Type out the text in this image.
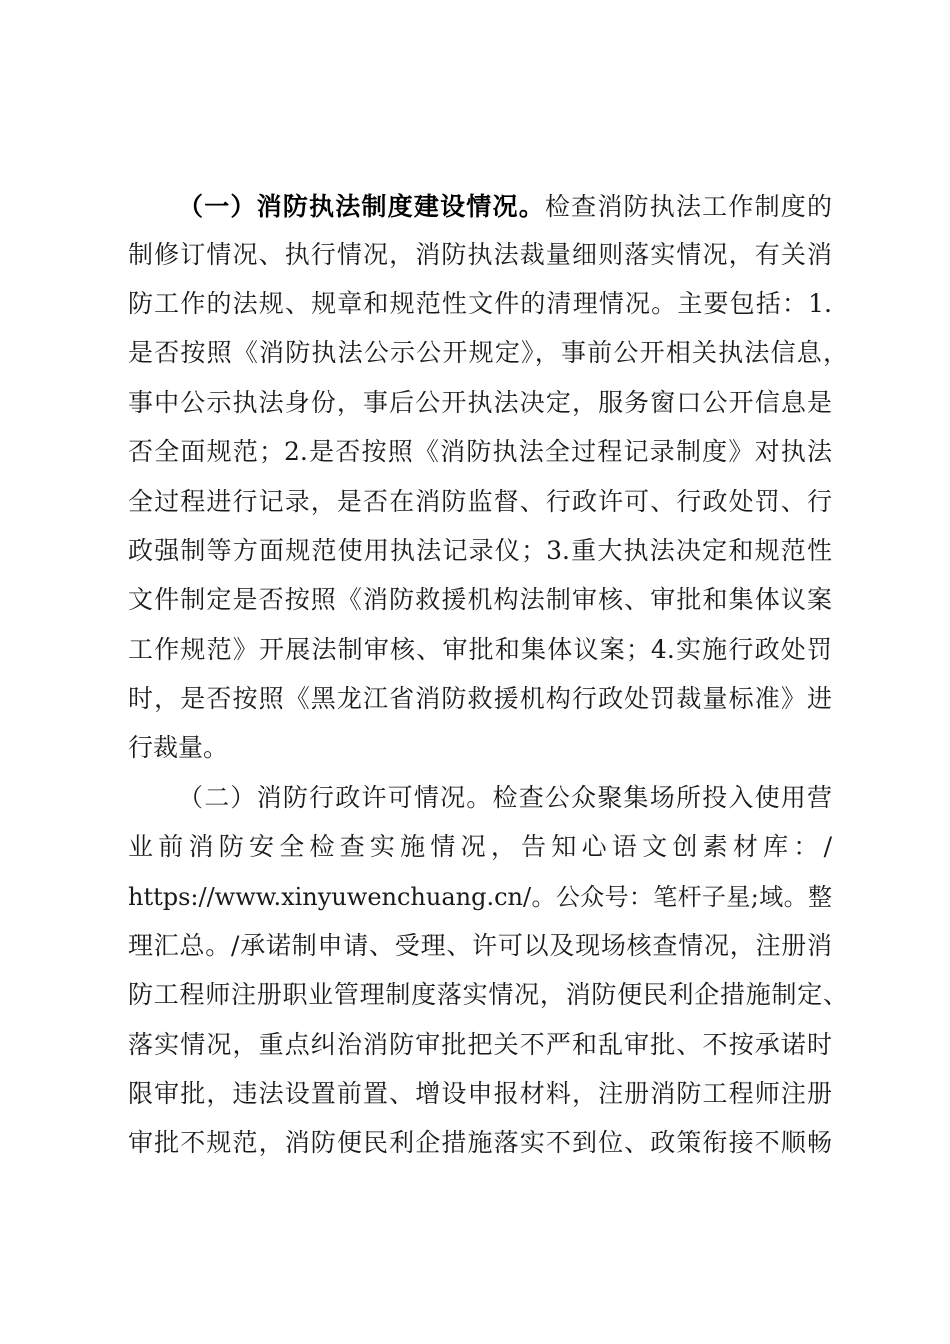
（一）消防执法制度建设情况。检查消防执法工作制度的
制修订情况、执行情况，消防执法裁量细则落实情况，有关消
防工作的法规、规章和规范性文件的清理情况。主要包括：1.
是否按照《消防执法公示公开规定》，事前公开相关执法信息，
事中公示执法身份，事后公开执法决定，服务窗口公开信息是
否全面规范；2.是否按照《消防执法全过程记录制度》对执法
全过程进行记录，是否在消防监督、行政许可、行政处罚、行
政强制等方面规范使用执法记录仪；3.重大执法决定和规范性
文件制定是否按照《消防救援机构法制审核、审批和集体议案
工作规范》开展法制审核、审批和集体议案；4.实施行政处罚
时，是否按照《黑龙江省消防救援机构行政处罚裁量标准》进
行裁量。
（二）消防行政许可情况。检查公众聚集场所投入使用营
业前消防安全检查实施情况，告知心语文创素材库：/
https://www.xinyuwenchuang.cn/。公众号：笔杆子星;域。整
理汇总。/承诺制申请、受理、许可以及现场核查情况，注册消
防工程师注册职业管理制度落实情况，消防便民利企措施制定、
落实情况，重点纠治消防审批把关不严和乱审批、不按承诺时
限审批，违法设置前置、增设申报材料，注册消防工程师注册
审批不规范，消防便民利企措施落实不到位、政策衔接不顺畅
